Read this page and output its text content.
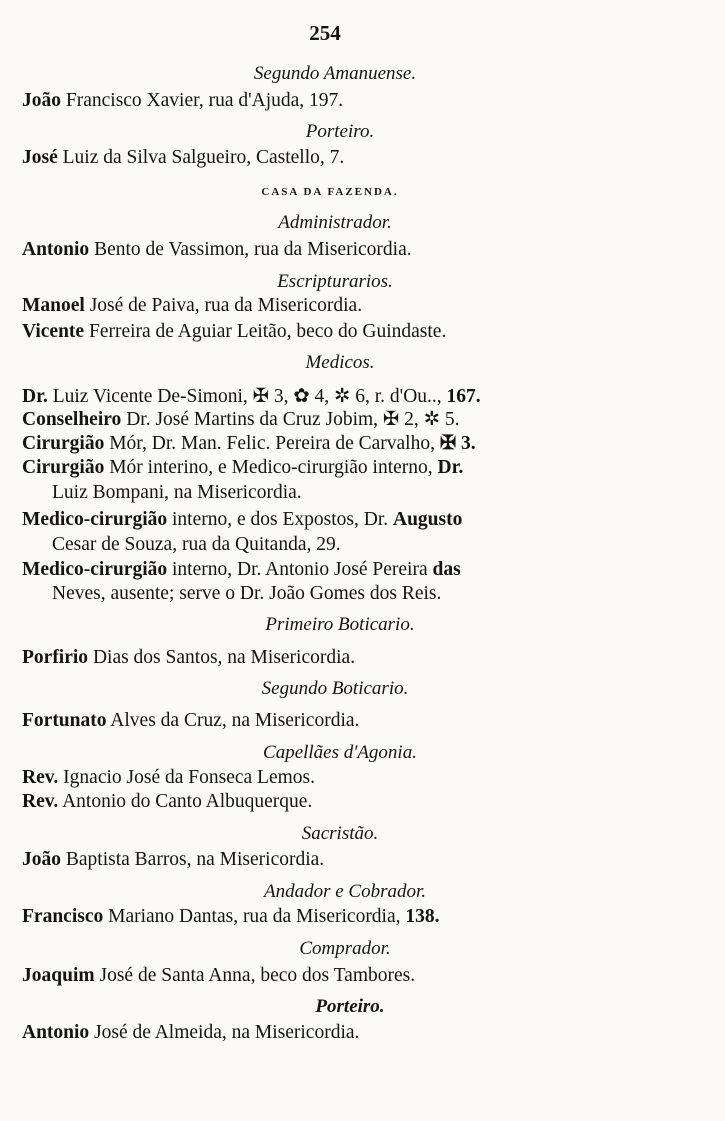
254
Segundo Amanuense.
João Francisco Xavier, rua d'Ajuda, 197.
Porteiro.
José Luiz da Silva Salgueiro, Castello, 7.
CASA DA FAZENDA.
Administrador.
Antonio Bento de Vassimon, rua da Misericordia.
Escripturarios.
Manoel José de Paiva, rua da Misericordia.
Vicente Ferreira de Aguiar Leitão, beco do Guindaste.
Medicos.
Dr. Luiz Vicente De-Simoni, ✠ 3, ✿ 4, ✲ 6, r. d'Ou.., 167.
Conselheiro Dr. José Martins da Cruz Jobim, ✠ 2, ✲ 5.
Cirurgião Mór, Dr. Man. Felic. Pereira de Carvalho, ✠ 3.
Cirurgião Mór interino, e Medico-cirurgião interno, Dr.
Luiz Bompani, na Misericordia.
Medico-cirurgião interno, e dos Expostos, Dr. Augusto
Cesar de Souza, rua da Quitanda, 29.
Medico-cirurgião interno, Dr. Antonio José Pereira das
Neves, ausente; serve o Dr. João Gomes dos Reis.
Primeiro Boticario.
Porfirio Dias dos Santos, na Misericordia.
Segundo Boticario.
Fortunato Alves da Cruz, na Misericordia.
Capellães d'Agonia.
Rev. Ignacio José da Fonseca Lemos.
Rev. Antonio do Canto Albuquerque.
Sacristão.
João Baptista Barros, na Misericordia.
Andador e Cobrador.
Francisco Mariano Dantas, rua da Misericordia, 138.
Comprador.
Joaquim José de Santa Anna, beco dos Tambores.
Porteiro.
Antonio José de Almeida, na Misericordia.
